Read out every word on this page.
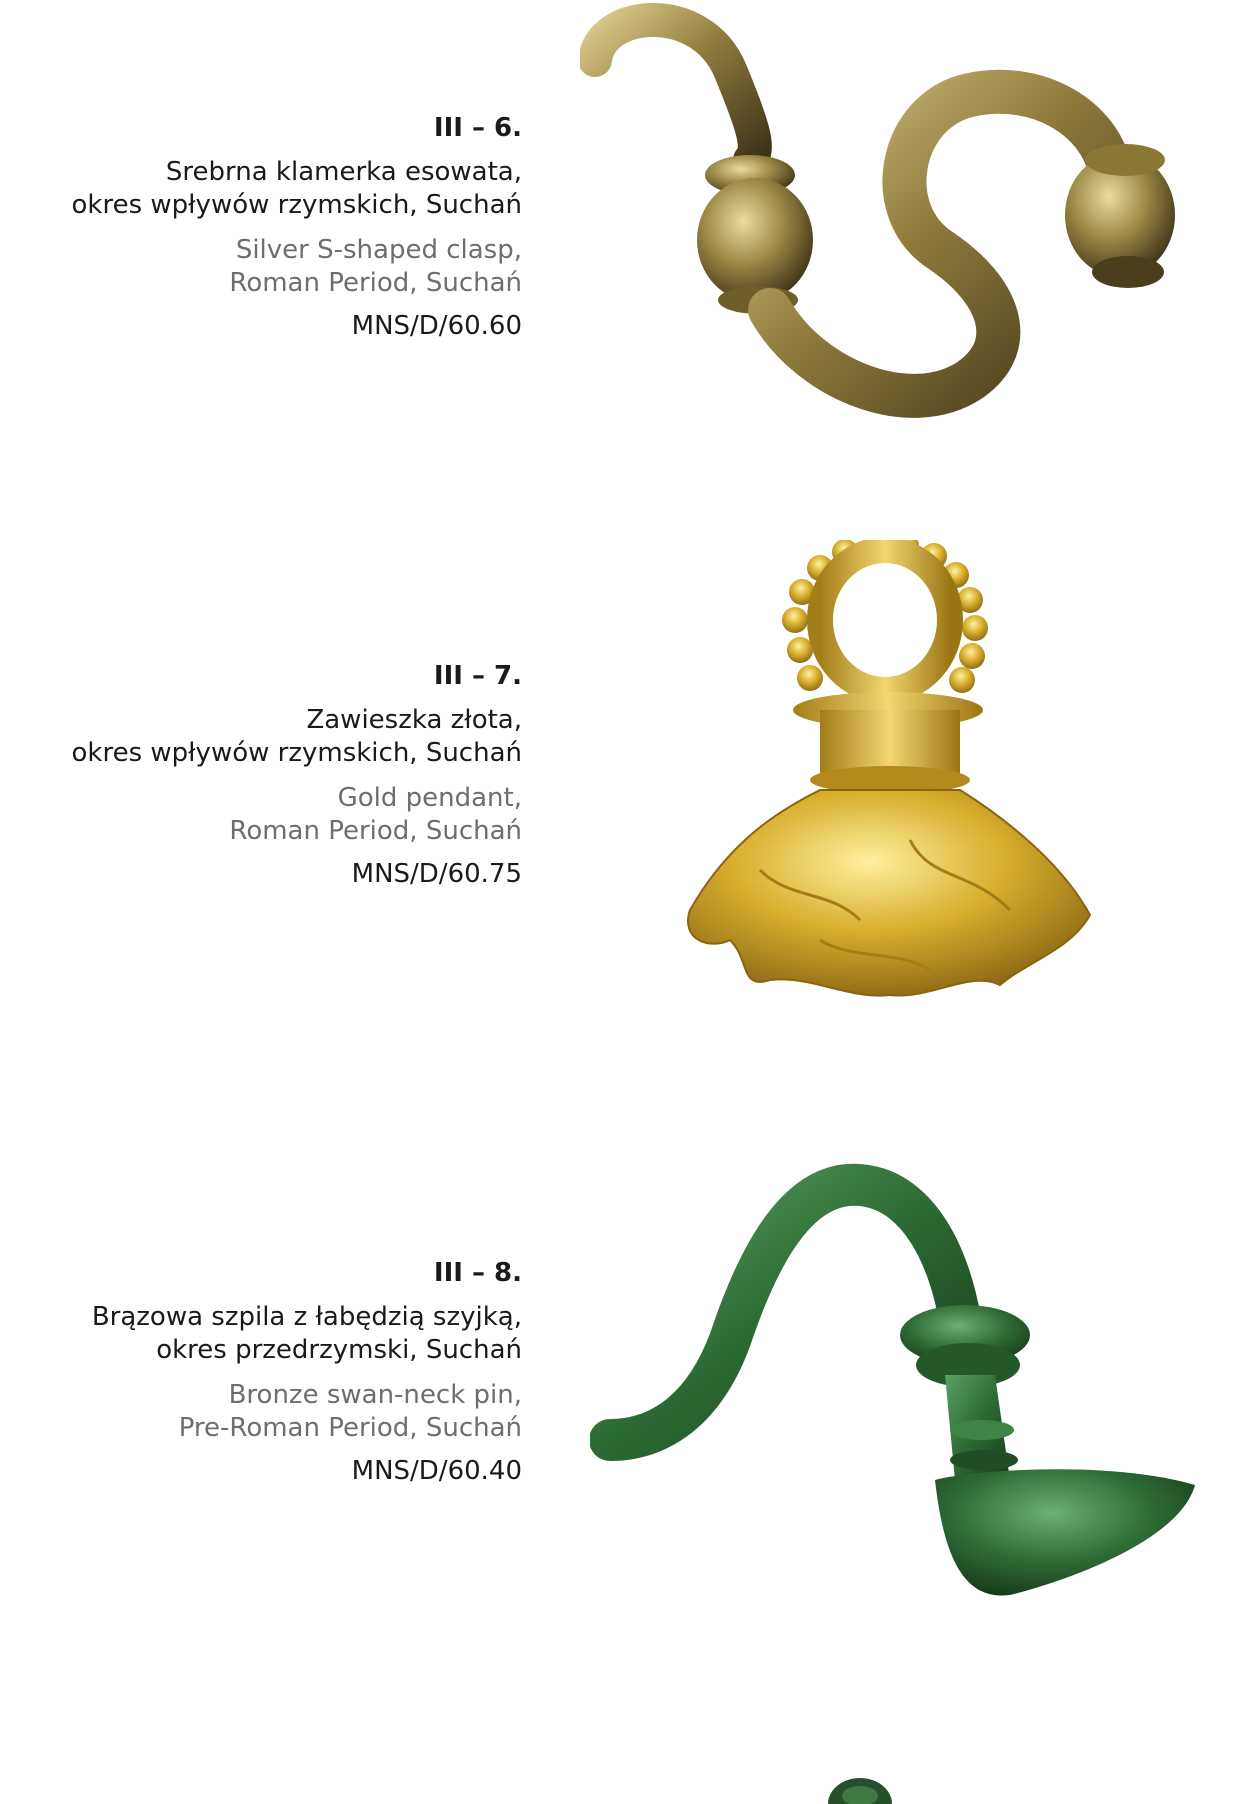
III – 6.
Srebrna klamerka esowata,
okres wpływów rzymskich, Suchań
Silver S-shaped clasp,
Roman Period, Suchań
MNS/D/60.60
III – 7.
Zawieszka złota,
okres wpływów rzymskich, Suchań
Gold pendant,
Roman Period, Suchań
MNS/D/60.75
III – 8.
Brązowa szpila z łabędzią szyjką,
okres przedrzymski, Suchań
Bronze swan-neck pin,
Pre-Roman Period, Suchań
MNS/D/60.40
